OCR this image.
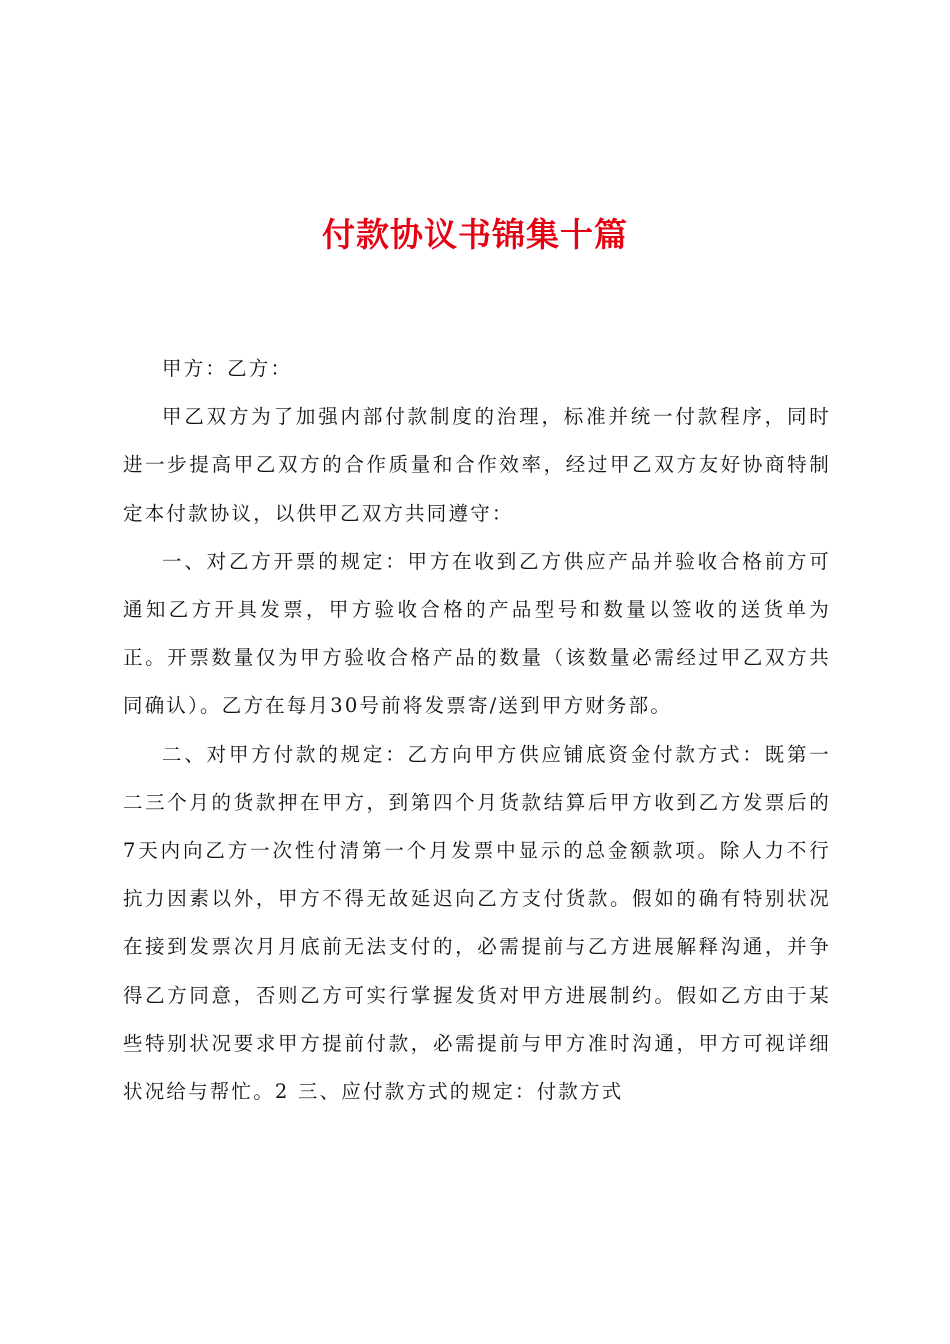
付款协议书锦集十篇

甲方：乙方：

甲乙双方为了加强内部付款制度的治理，标准并统一付款程序，同时进一步提高甲乙双方的合作质量和合作效率，经过甲乙双方友好协商特制定本付款协议，以供甲乙双方共同遵守：

一、对乙方开票的规定：甲方在收到乙方供应产品并验收合格前方可通知乙方开具发票，甲方验收合格的产品型号和数量以签收的送货单为正。开票数量仅为甲方验收合格产品的数量（该数量必需经过甲乙双方共同确认）。乙方在每月30号前将发票寄/送到甲方财务部。

二、对甲方付款的规定：乙方向甲方供应铺底资金付款方式：既第一二三个月的货款押在甲方，到第四个月货款结算后甲方收到乙方发票后的7天内向乙方一次性付清第一个月发票中显示的总金额款项。除人力不行抗力因素以外，甲方不得无故延迟向乙方支付货款。假如的确有特别状况在接到发票次月月底前无法支付的，必需提前与乙方进展解释沟通，并争得乙方同意，否则乙方可实行掌握发货对甲方进展制约。假如乙方由于某些特别状况要求甲方提前付款，必需提前与甲方准时沟通，甲方可视详细状况给与帮忙。2 三、应付款方式的规定：付款方式
